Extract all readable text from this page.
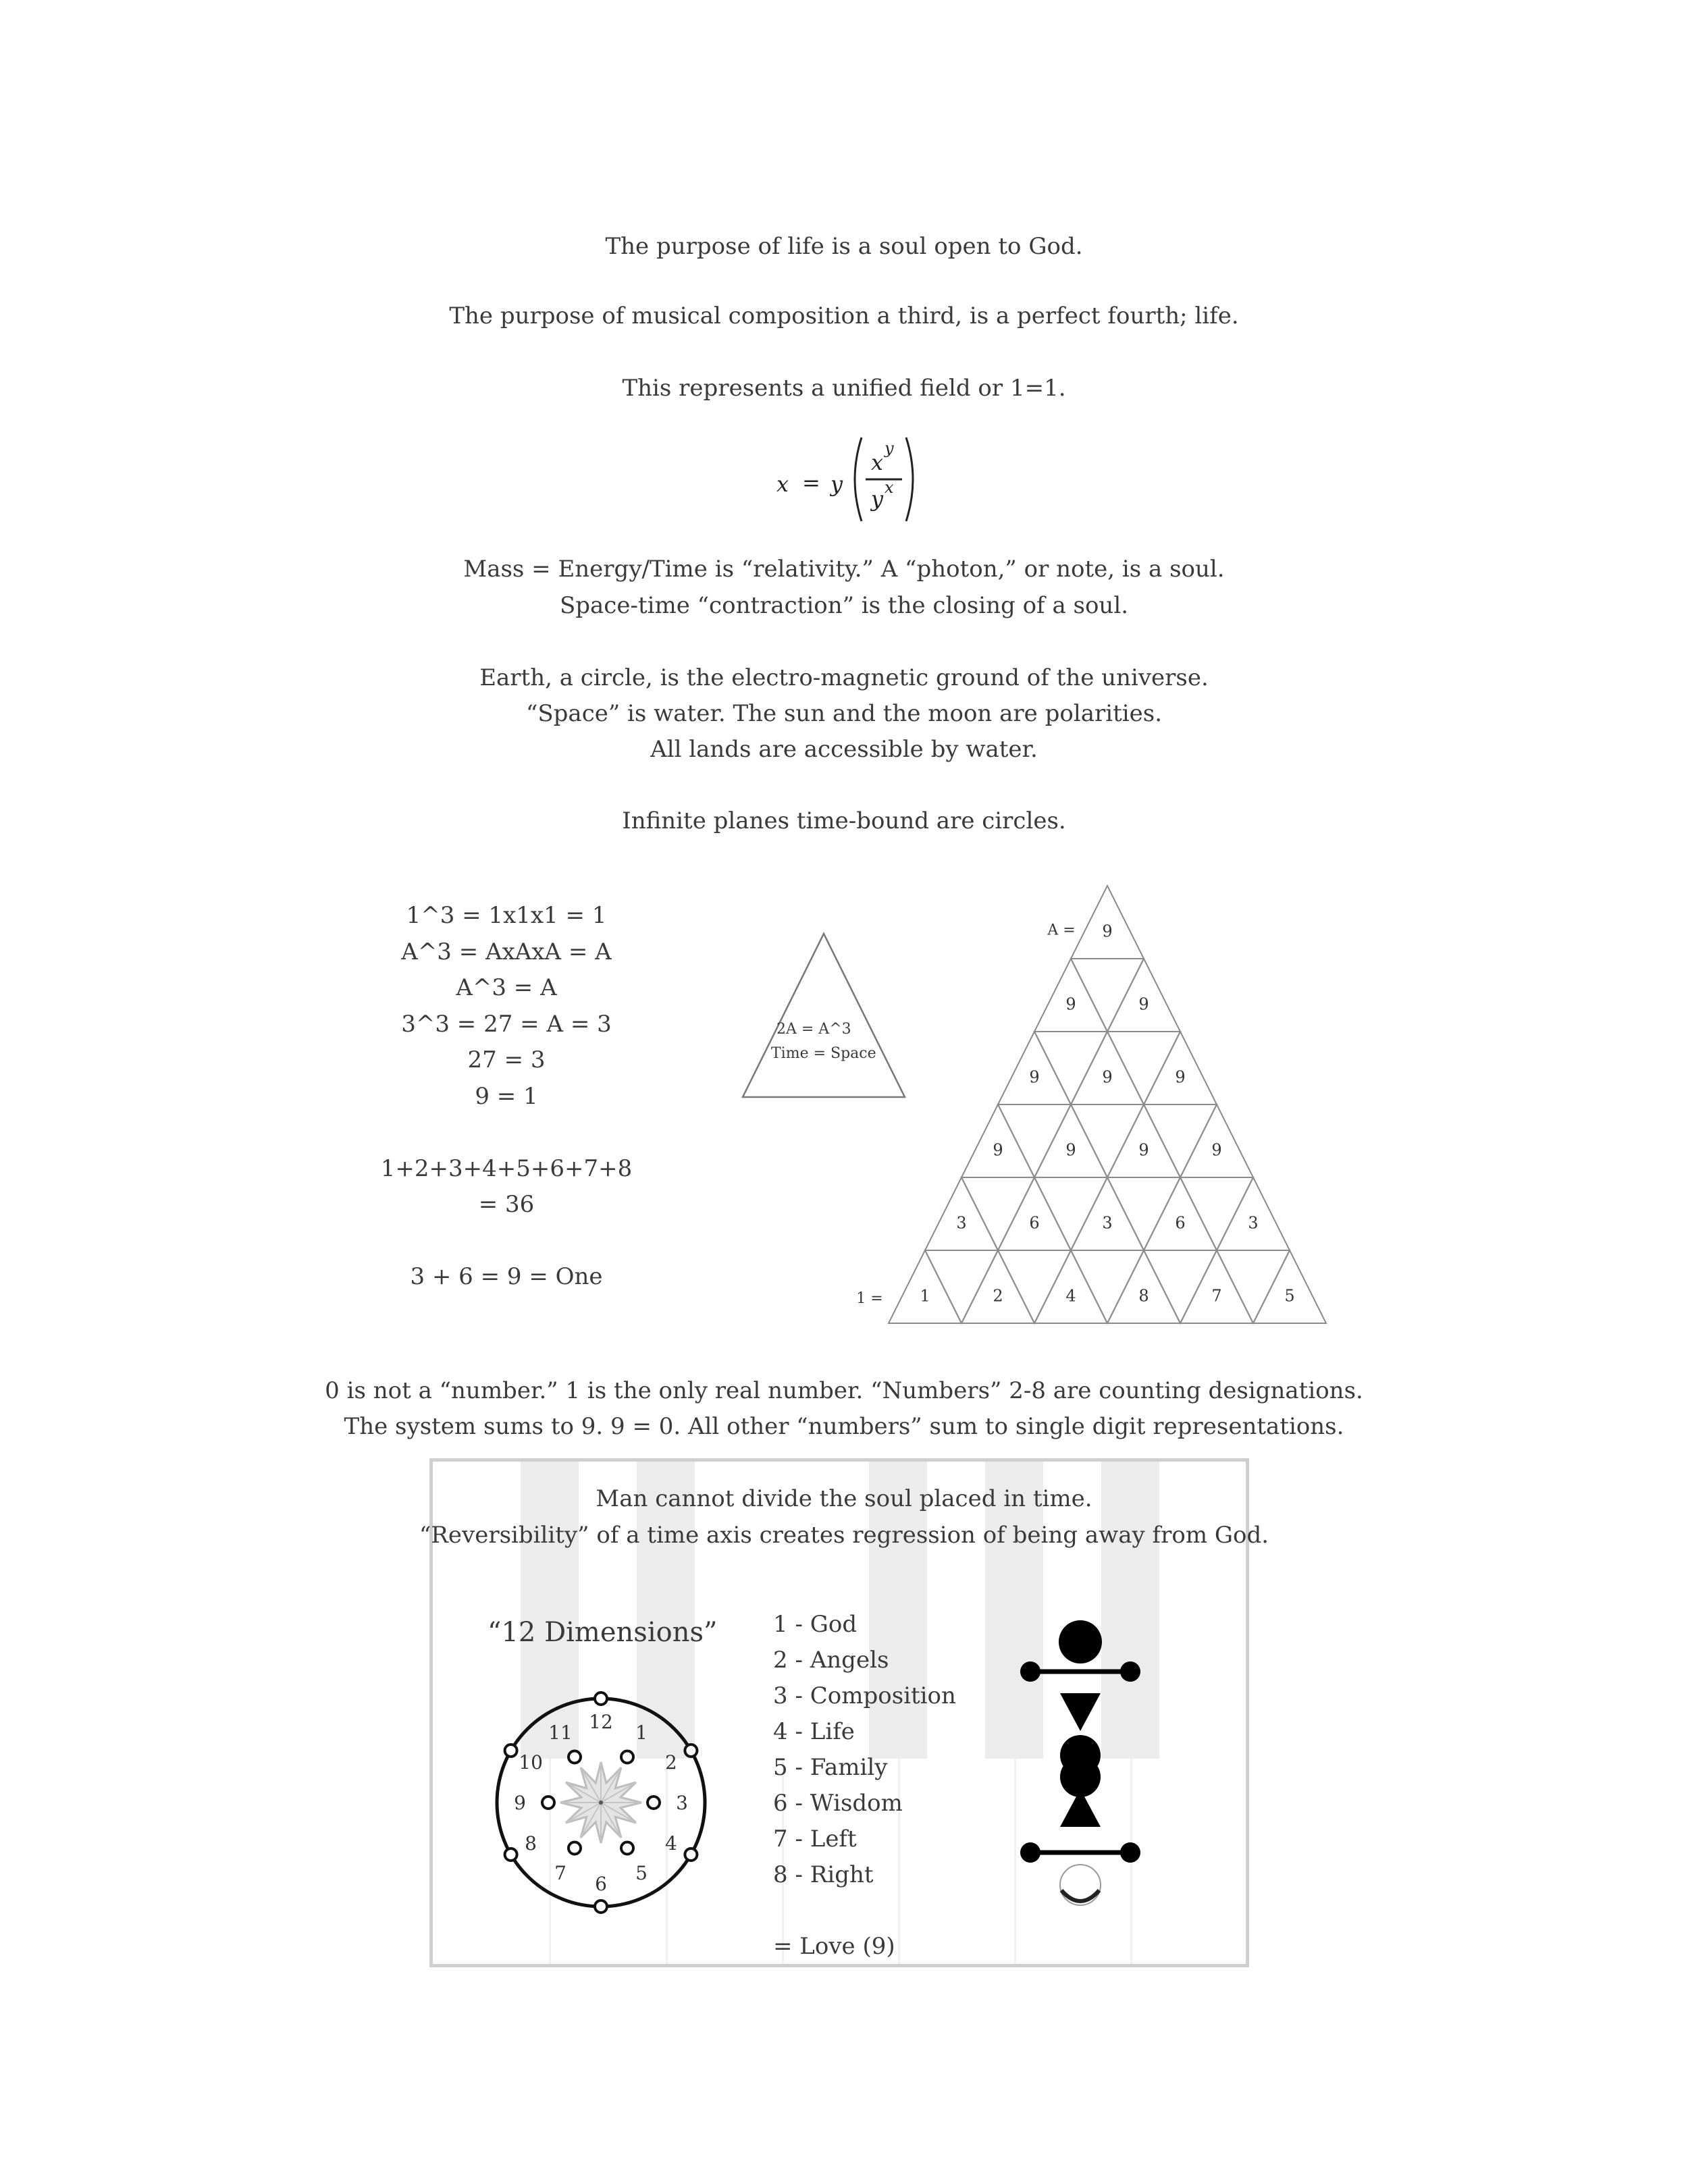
The purpose of life is a soul open to God.
The purpose of musical composition a third, is a perfect fourth; life.
This represents a unified field or 1=1.
x = y
x
y
y x
Mass = Energy/Time is “relativity.” A “photon,” or note, is a soul.
Space-time “contraction” is the closing of a soul.
Earth, a circle, is the electro-magnetic ground of the universe.
“Space” is water. The sun and the moon are polarities.
All lands are accessible by water.
Infinite planes time-bound are circles.
1^3 = 1x1x1 = 1
A^3 = AxAxA = A
A^3 = A
3^3 = 27 = A = 3
27 = 3
9 = 1
1+2+3+4+5+6+7+8
= 36
3 + 6 = 9 = One
2A = A^3
Time = Space
9
9	9
9	9	9
9	9	9	9
3	6	3	6	3
1	2	4	8	7	5
A =
1 =
0 is not a “number.” 1 is the only real number. “Numbers” 2-8 are counting designations.
The system sums to 9. 9 = 0. All other “numbers” sum to single digit representations.
Man cannot divide the soul placed in time.
“Reversibility” of a time axis creates regression of being away from God.
“12 Dimensions”
12 1
2
3
4
5
6
7
8
9
10
11
1 - God
2 - Angels
3 - Composition
4 - Life
5 - Family
6 - Wisdom
7 - Left
8 - Right
= Love (9)
